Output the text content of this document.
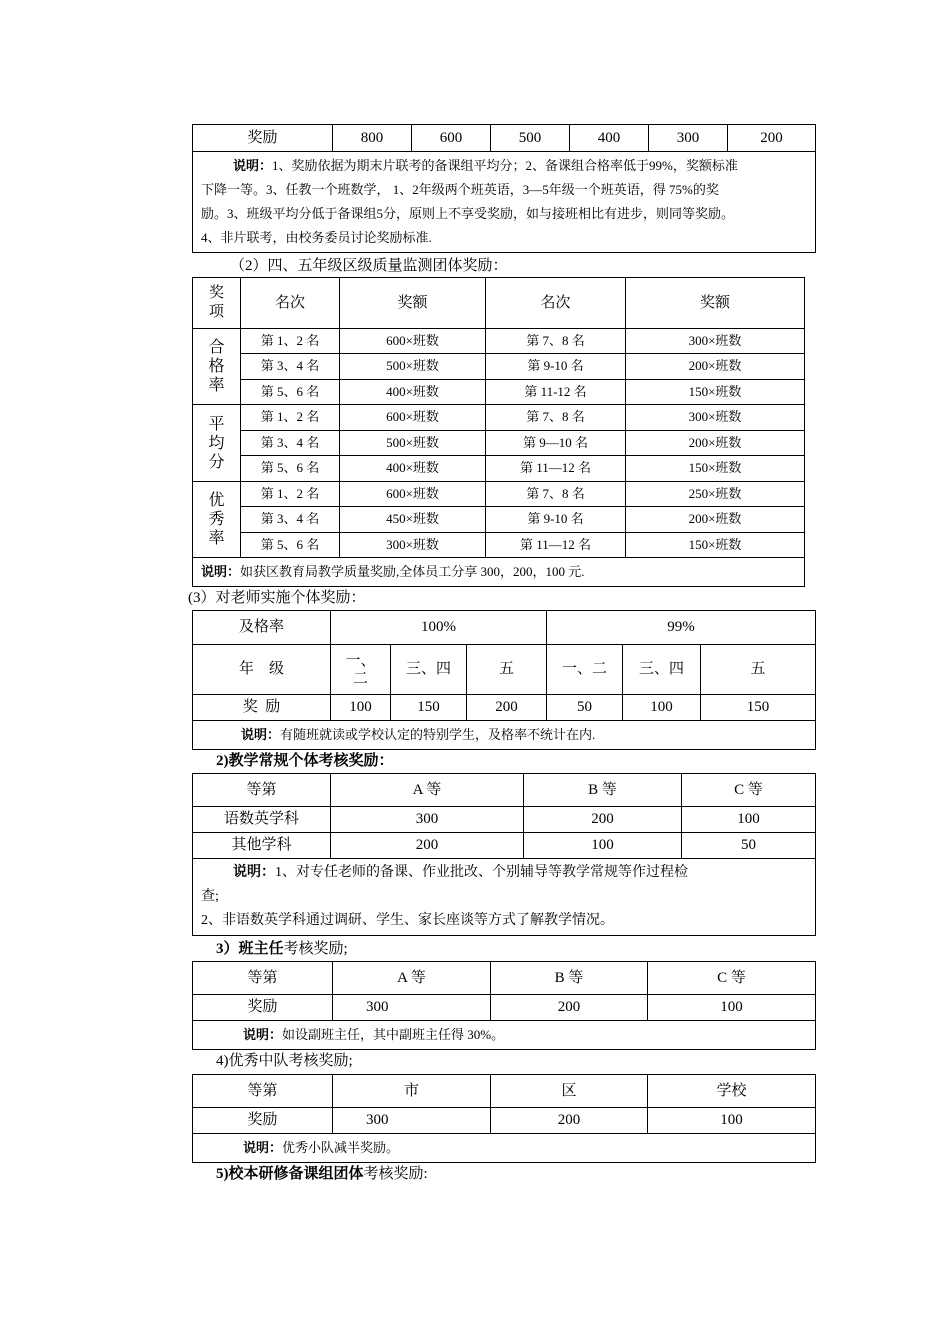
奖励	800	600	500	400	300	200

说明：1、奖励依据为期末片联考的备课组平均分；2、备课组合格率低于99%，奖额标准
下降一等。3、任教一个班数学， 1、2年级两个班英语，3—5年级一个班英语，得 75%的奖
励。3、班级平均分低于备课组5分，原则上不享受奖励，如与接班相比有进步，则同等奖励。
4、非片联考，由校务委员讨论奖励标准.
（2）四、五年级区级质量监测团体奖励：
奖项	名次	奖额	名次	奖额

合格率	第 1、2 名	600×班数	第 7、8 名	300×班数
	第 3、4 名	500×班数	第 9-10 名	200×班数
	第 5、6 名	400×班数	第 11-12 名	150×班数

平均分	第 1、2 名	600×班数	第 7、8 名	300×班数
	第 3、4 名	500×班数	第 9—10 名	200×班数
	第 5、6 名	400×班数	第 11—12 名	150×班数

优秀率	第 1、2 名	600×班数	第 7、8 名	250×班数
	第 3、4 名	450×班数	第 9-10 名	200×班数
	第 5、6 名	300×班数	第 11—12 名	150×班数
说明：如获区教育局教学质量奖励,全体员工分享 300，200，100 元.				
(3）对老师实施个体奖励：
及格率	100%			99%		
年    级	一、二	三、四	五	一、二	三、四	五
奖  励	100	150	200	50	100	150
说明：有随班就读或学校认定的特别学生，及格率不统计在内.						
2)教学常规个体考核奖励：
等第	A 等	B 等	C 等
语数英学科	300	200	100
其他学科	200	100	50

说明：1、对专任老师的备课、作业批改、个别辅导等教学常规等作过程检
查;
2、非语数英学科通过调研、学生、家长座谈等方式了解教学情况。			
3）班主任考核奖励;
等第	A 等	B 等	C 等
奖励	300	200	100
说明：如设副班主任，其中副班主任得 30%。			
4)优秀中队考核奖励;
等第	市	区	学校
奖励	300	200	100
说明：优秀小队减半奖励。			
5)校本研修备课组团体考核奖励:
